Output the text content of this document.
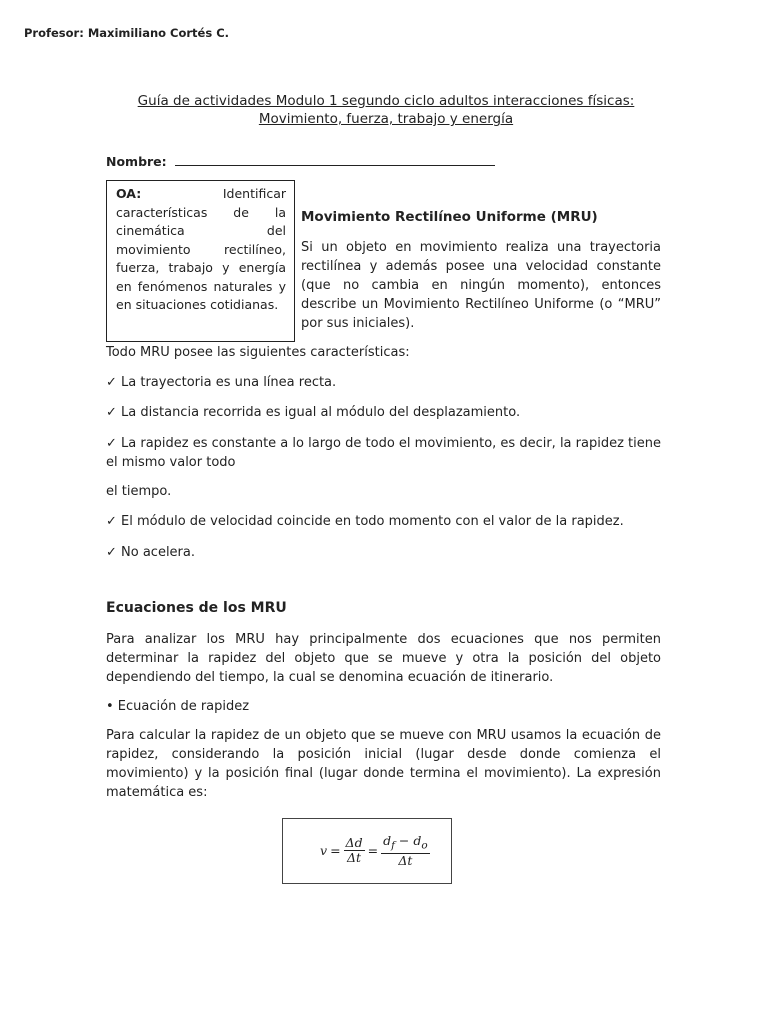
Profesor: Maximiliano Cortés C.
Guía de actividades Modulo 1 segundo ciclo adultos interacciones físicas: Movimiento, fuerza, trabajo y energía
Nombre:
OA:	Identificar características de la cinemática del movimiento rectilíneo, fuerza, trabajo y energía en fenómenos naturales y en situaciones cotidianas.
Movimiento Rectilíneo Uniforme (MRU)
Si un objeto en movimiento realiza una trayectoria rectilínea y además posee una velocidad constante (que no cambia en ningún momento), entonces describe un Movimiento Rectilíneo Uniforme (o “MRU” por sus iniciales).
Todo MRU posee las siguientes características:
✓ La trayectoria es una línea recta.
✓ La distancia recorrida es igual al módulo del desplazamiento.
✓ La rapidez es constante a lo largo de todo el movimiento, es decir, la rapidez tiene el mismo valor todo
el tiempo.
✓ El módulo de velocidad coincide en todo momento con el valor de la rapidez.
✓ No acelera.
Ecuaciones de los MRU
Para analizar los MRU hay principalmente dos ecuaciones que nos permiten determinar la rapidez del objeto que se mueve y otra la posición del objeto dependiendo del tiempo, la cual se denomina ecuación de itinerario.
• Ecuación de rapidez
Para calcular la rapidez de un objeto que se mueve con MRU usamos la ecuación de rapidez, considerando la posición inicial (lugar desde donde comienza el movimiento) y la posición final (lugar donde termina el movimiento). La expresión matemática es:
$v = \frac{\Delta d}{\Delta t} = \frac{d_f - d_o}{\Delta t}$
